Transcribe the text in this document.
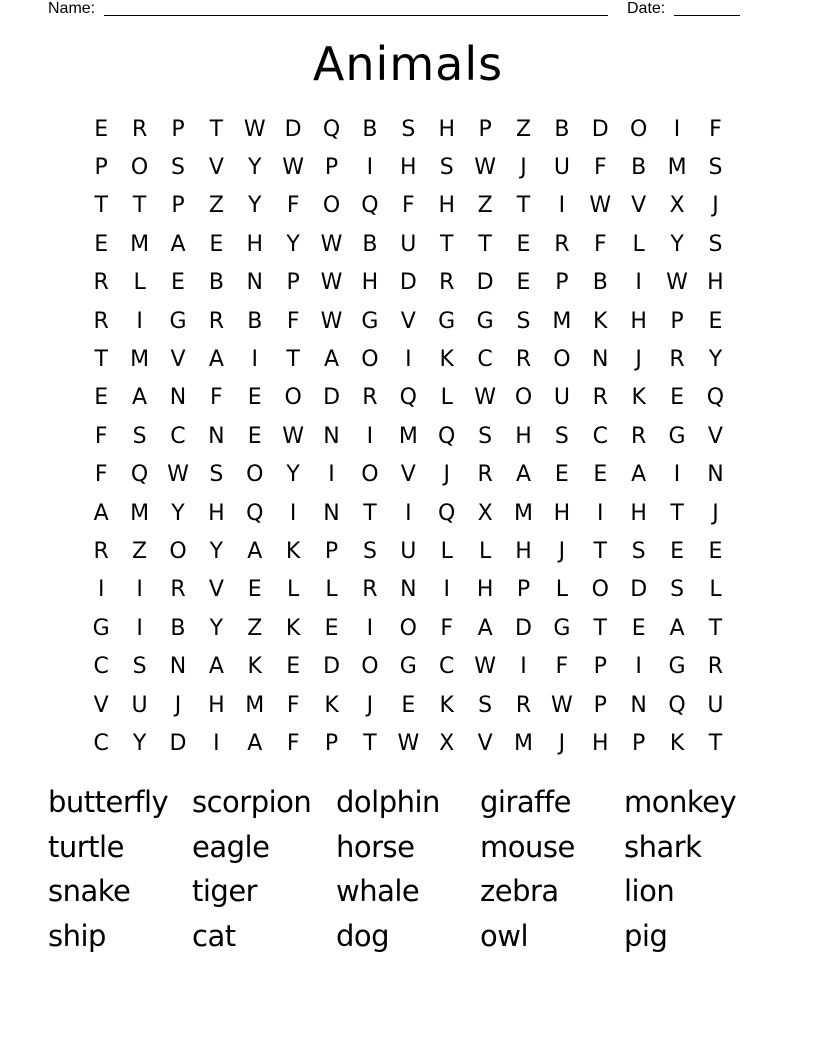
Name:	Date:
Animals
E	R	P	T W D Q	B	S	H	P	Z	B	D O	I	F
P	O	S	V	Y W P	I	H	S W	J	U	F	B M S
T	T	P	Z	Y	F	O Q	F	H	Z	T	I	W V	X	J
E M A	E	H	Y W B	U	T	T	E	R	F	L	Y	S
R	L	E	B	N	P W H D	R	D	E	P	B	I	W H
R	I	G	R	B	F W G	V	G G	S M K	H	P	E
T	M V	A	I	T	A	O	I	K	C	R	O N	J	R	Y
E	A	N	F	E	O D	R	Q	L W O U	R	K	E	Q
F	S	C	N	E W N	I	M Q	S	H	S	C	R	G	V
F	Q W S	O	Y	I	O	V	J	R	A	E	E	A	I	N
A M	Y	H Q	I	N	T	I	Q	X M H	I	H	T	J
R	Z	O	Y	A	K	P	S	U	L	L	H	J	T	S	E	E
I	I	R	V	E	L	L	R	N	I	H	P	L	O D	S	L
G	I	B	Y	Z	K	E	I	O	F	A	D G	T	E	A	T
C	S	N	A	K	E	D O G	C W	I	F	P	I	G	R
V	U	J	H M	F	K	J	E	K	S	R W P	N Q U
C	Y	D	I	A	F	P	T W X	V M	J	H	P	K	T
butterfly scorpion dolphin	giraffe	monkey
turtle	eagle	horse	mouse	shark
snake	tiger	whale	zebra	lion
ship	cat	dog	owl	pig
